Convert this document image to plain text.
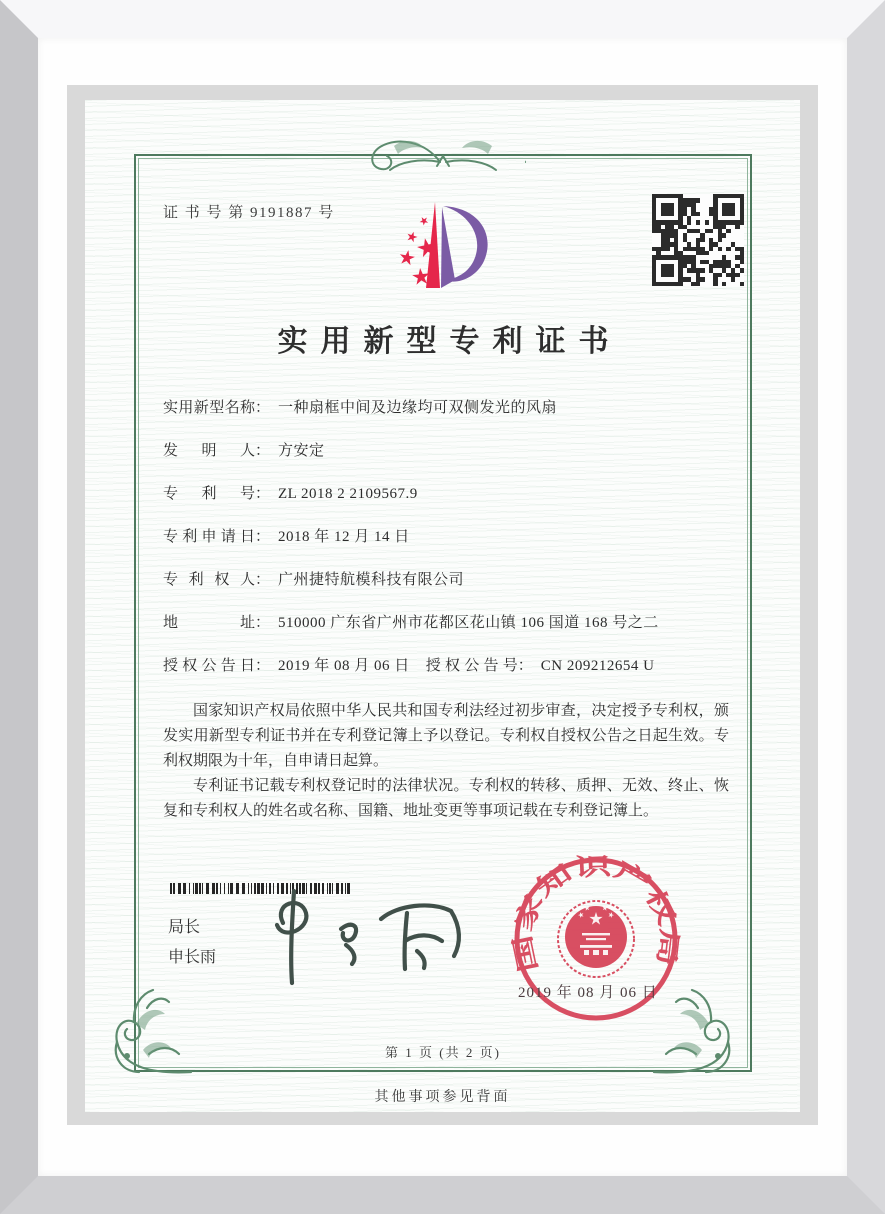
证 书 号 第 9191887 号
实用新型专利证书
实用新型名称 ： 一种扇框中间及边缘均可双侧发光的风扇
发明人 ： 方安定
专利号 ： ZL 2018 2 2109567.9
专利申请日 ： 2018 年 12 月 14 日
专利权人 ： 广州捷特航模科技有限公司
地址 ： 510000 广东省广州市花都区花山镇 106 国道 168 号之二
授权公告日 ： 2019 年 08 月 06 日 授权公告号 ： CN 209212654 U

国家知识产权局依照中华人民共和国专利法经过初步审查，决定授予专利权，颁发实用新型专利证书并在专利登记簿上予以登记。专利权自授权公告之日起生效。专利权期限为十年，自申请日起算。

专利证书记载专利权登记时的法律状况。专利权的转移、质押、无效、终止、恢复和专利权人的姓名或名称、国籍、地址变更等事项记载在专利登记簿上。

局长
申长雨	国家知识产权局
2019 年 08 月 06 日
第 1 页 (共 2 页)
其他事项参见背面
